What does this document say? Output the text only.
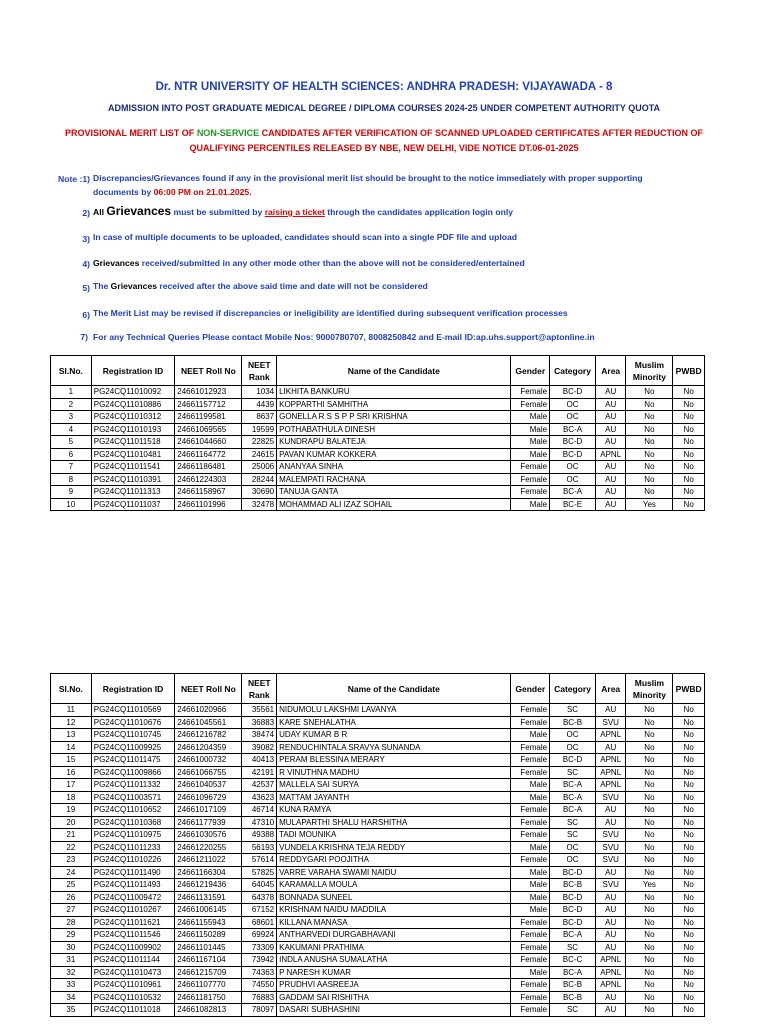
Dr. NTR UNIVERSITY OF HEALTH SCIENCES: ANDHRA PRADESH: VIJAYAWADA - 8
ADMISSION INTO POST GRADUATE MEDICAL DEGREE / DIPLOMA COURSES 2024-25 UNDER COMPETENT AUTHORITY QUOTA
PROVISIONAL MERIT LIST OF NON-SERVICE CANDIDATES AFTER VERIFICATION OF SCANNED UPLOADED CERTIFICATES AFTER REDUCTION OF
QUALIFYING PERCENTILES RELEASED BY NBE, NEW DELHI, VIDE NOTICE DT.06-01-2025
Note :1) Discrepancies/Grievances found if any in the provisional merit list should be brought to the notice immediately with proper supporting
documents by 06:00 PM on 21.01.2025.
2) All Grievances must be submitted by raising a ticket through the candidates application login only
3) In case of multiple documents to be uploaded, candidates should scan into a single PDF file and upload
4) Grievances received/submitted in any other mode other than the above will not be considered/entertained
5) The Grievances received after the above said time and date will not be considered
6) The Merit List may be revised if discrepancies or ineligibility are identified during subsequent verification processes
7) For any Technical Queries Please contact Mobile Nos: 9000780707, 8008250842 and E-mail ID:ap.uhs.support@aptonline.in
Sl.No.	Registration ID	NEET Roll No	NEET Rank	Name of the Candidate	Gender	Category	Area	Muslim Minority	PWBD
1	PG24CQ11010092	24661012923	1034	LIKHITA BANKURU	Female	BC-D	AU	No	No
2	PG24CQ11010886	24661157712	4439	KOPPARTHI SAMHITHA	Female	OC	AU	No	No
3	PG24CQ11010312	24661199581	8637	GONELLA R S S P P SRI KRISHNA	Male	OC	AU	No	No
4	PG24CQ11010193	24661069565	19599	POTHABATHULA DINESH	Male	BC-A	AU	No	No
5	PG24CQ11011518	24661044660	22825	KUNDRAPU BALATEJA	Male	BC-D	AU	No	No
6	PG24CQ11010481	24661164772	24615	PAVAN KUMAR KOKKERA	Male	BC-D	APNL	No	No
7	PG24CQ11011541	24661186481	25006	ANANYAA SINHA	Female	OC	AU	No	No
8	PG24CQ11010391	24661224303	28244	MALEMPATI RACHANA	Female	OC	AU	No	No
9	PG24CQ11011313	24661158967	30690	TANUJA GANTA	Female	BC-A	AU	No	No
10	PG24CQ11011037	24661101996	32478	MOHAMMAD ALI IZAZ SOHAIL	Male	BC-E	AU	Yes	No
Sl.No.	Registration ID	NEET Roll No	NEET Rank	Name of the Candidate	Gender	Category	Area	Muslim Minority	PWBD
11	PG24CQ11010569	24661020966	35561	NIDUMOLU LAKSHMI LAVANYA	Female	SC	AU	No	No
12	PG24CQ11010676	24661045561	36883	KARE SNEHALATHA	Female	BC-B	SVU	No	No
13	PG24CQ11010745	24661216782	38474	UDAY KUMAR B R	Male	OC	APNL	No	No
14	PG24CQ11009925	24661204359	39082	RENDUCHINTALA SRAVYA SUNANDA	Female	OC	AU	No	No
15	PG24CQ11011475	24661000732	40413	PERAM BLESSINA MERARY	Female	BC-D	APNL	No	No
16	PG24CQ11009866	24661066755	42191	R VINUTHNA MADHU	Female	SC	APNL	No	No
17	PG24CQ11011332	24661040537	42537	MALLELA SAI SURYA	Male	BC-A	APNL	No	No
18	PG24CQ11003571	24661096729	43623	MATTAM JAYANTH	Male	BC-A	SVU	No	No
19	PG24CQ11010652	24661017109	46714	KUNA RAMYA	Female	BC-A	AU	No	No
20	PG24CQ11010368	24661177939	47310	MULAPARTHI SHALU HARSHITHA	Female	SC	AU	No	No
21	PG24CQ11010975	24661030576	49388	TADI MOUNIKA	Female	SC	SVU	No	No
22	PG24CQ11011233	24661220255	56193	VUNDELA KRISHNA TEJA REDDY	Male	OC	SVU	No	No
23	PG24CQ11010226	24661211022	57614	REDDYGARI POOJITHA	Female	OC	SVU	No	No
24	PG24CQ11011490	24661166304	57825	VARRE VARAHA SWAMI NAIDU	Male	BC-D	AU	No	No
25	PG24CQ11011493	24661219436	64045	KARAMALLA MOULA	Male	BC-B	SVU	Yes	No
26	PG24CQ11009472	24661131591	64378	BONNADA SUNEEL	Male	BC-D	AU	No	No
27	PG24CQ11010267	24661006145	67152	KRISHNAM NAIDU MADDILA	Male	BC-D	AU	No	No
28	PG24CQ11011621	24661155943	68601	KILLANA MANASA	Female	BC-D	AU	No	No
29	PG24CQ11011546	24661150289	69924	ANTHARVEDI DURGABHAVANI	Female	BC-A	AU	No	No
30	PG24CQ11009902	24661101445	73309	KAKUMANI PRATHIMA	Female	SC	AU	No	No
31	PG24CQ11011144	24661167104	73942	INDLA ANUSHA SUMALATHA	Female	BC-C	APNL	No	No
32	PG24CQ11010473	24661215709	74363	P NARESH KUMAR	Male	BC-A	APNL	No	No
33	PG24CQ11010961	24661107770	74550	PRUDHVI AASREEJA	Female	BC-B	APNL	No	No
34	PG24CQ11010532	24661181750	76883	GADDAM SAI RISHITHA	Female	BC-B	AU	No	No
35	PG24CQ11011018	24661082813	78097	DASARI SUBHASHINI	Female	SC	AU	No	No
